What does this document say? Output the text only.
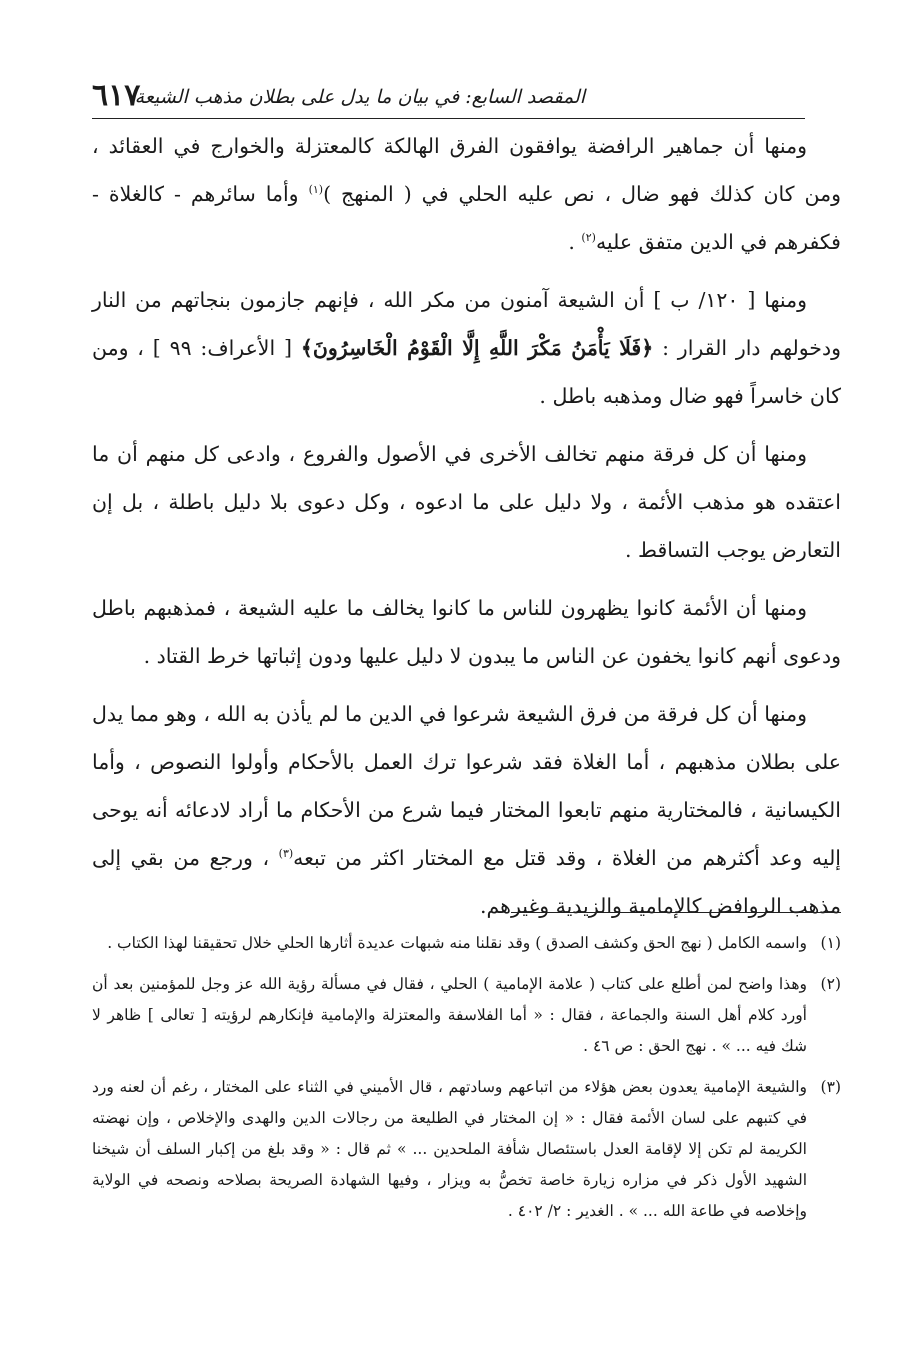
المقصد السابع: في بيان ما يدل على بطلان مذهب الشيعة
٦١٧

ومنها أن جماهير الرافضة يوافقون الفرق الهالكة كالمعتزلة والخوارج في العقائد ، ومن كان كذلك فهو ضال ، نص عليه الحلي في ( المنهج )$^{(١)}$ وأما سائرهم - كالغلاة - فكفرهم في الدين متفق عليه$^{(٢)}$ .

ومنها [ ١٢٠/ ب ] أن الشيعة آمنون من مكر الله ، فإنهم جازمون بنجاتهم من النار ودخولهم دار القرار : ﴿فَلَا يَأْمَنُ مَكْرَ اللَّهِ إِلَّا الْقَوْمُ الْخَاسِرُونَ﴾ [ الأعراف: ٩٩ ] ، ومن كان خاسراً فهو ضال ومذهبه باطل .

ومنها أن كل فرقة منهم تخالف الأخرى في الأصول والفروع ، وادعى كل منهم أن ما اعتقده هو مذهب الأئمة ، ولا دليل على ما ادعوه ، وكل دعوى بلا دليل باطلة ، بل إن التعارض يوجب التساقط .

ومنها أن الأئمة كانوا يظهرون للناس ما كانوا يخالف ما عليه الشيعة ، فمذهبهم باطل ودعوى أنهم كانوا يخفون عن الناس ما يبدون لا دليل عليها ودون إثباتها خرط القتاد .

ومنها أن كل فرقة من فرق الشيعة شرعوا في الدين ما لم يأذن به الله ، وهو مما يدل على بطلان مذهبهم ، أما الغلاة فقد شرعوا ترك العمل بالأحكام وأولوا النصوص ، وأما الكيسانية ، فالمختارية منهم تابعوا المختار فيما شرع من الأحكام ما أراد لادعائه أنه يوحى إليه وعد أكثرهم من الغلاة ، وقد قتل مع المختار اكثر من تبعه$^{(٣)}$ ، ورجع من بقي إلى مذهب الروافض كالإمامية والزيدية وغيرهم.

(١)
واسمه الكامل ( نهج الحق وكشف الصدق ) وقد نقلنا منه شبهات عديدة أثارها الحلي خلال تحقيقنا لهذا الكتاب .
(٢)
وهذا واضح لمن أطلع على كتاب ( علامة الإمامية ) الحلي ، فقال في مسألة رؤية الله عز وجل للمؤمنين بعد أن أورد كلام أهل السنة والجماعة ، فقال : « أما الفلاسفة والمعتزلة والإمامية فإنكارهم لرؤيته [ تعالى ] ظاهر لا شك فيه ... » . نهج الحق : ص ٤٦ .
(٣)
والشيعة الإمامية يعدون بعض هؤلاء من اتباعهم وسادتهم ، قال الأميني في الثناء على المختار ، رغم أن لعنه ورد في كتبهم على لسان الأئمة فقال : « إن المختار في الطليعة من رجالات الدين والهدى والإخلاص ، وإن نهضته الكريمة لم تكن إلا لإقامة العدل باستئصال شأفة الملحدين ... » ثم قال : « وقد بلغ من إكبار السلف أن شيخنا الشهيد الأول ذكر في مزاره زيارة خاصة تخصُّ به ويزار ، وفيها الشهادة الصريحة بصلاحه ونصحه في الولاية وإخلاصه في طاعة الله ... » . الغدير : ٢/ ٤٠٢ .
